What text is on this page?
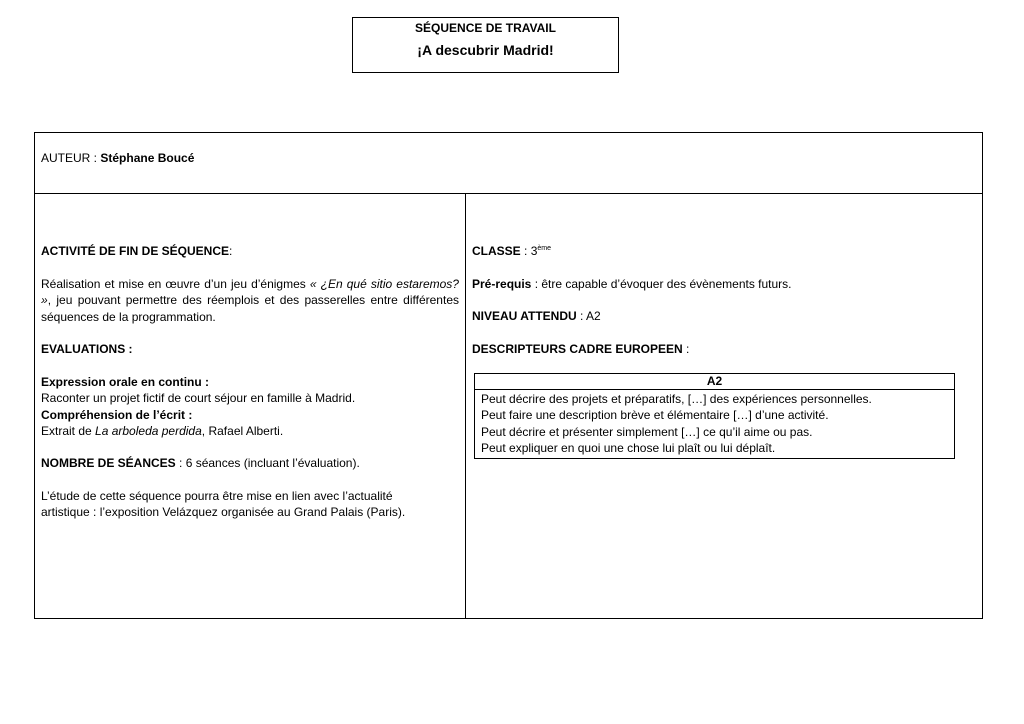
SÉQUENCE DE TRAVAIL
¡A descubrir Madrid!
AUTEUR : Stéphane Boucé
ACTIVITÉ DE FIN DE SÉQUENCE:
Réalisation et mise en œuvre d’un jeu d’énigmes « ¿En qué sitio estaremos? », jeu pouvant permettre des réemplois et des passerelles entre différentes séquences de la programmation.
EVALUATIONS :
Expression orale en continu :
Raconter un projet fictif de court séjour en famille à Madrid.
Compréhension de l’écrit :
Extrait de La arboleda perdida, Rafael Alberti.
NOMBRE DE SÉANCES : 6 séances (incluant l’évaluation).
L’étude de cette séquence pourra être mise en lien avec l’actualité artistique : l’exposition Velázquez organisée au Grand Palais (Paris).
CLASSE : 3ème
Pré-requis : être capable d’évoquer des évènements futurs.
NIVEAU ATTENDU : A2
DESCRIPTEURS CADRE EUROPEEN :
A2
Peut décrire des projets et préparatifs, […] des expériences personnelles.
Peut faire une description brève et élémentaire […] d’une activité.
Peut décrire et présenter simplement […] ce qu’il aime ou pas.
Peut expliquer en quoi une chose lui plaît ou lui déplaît.
